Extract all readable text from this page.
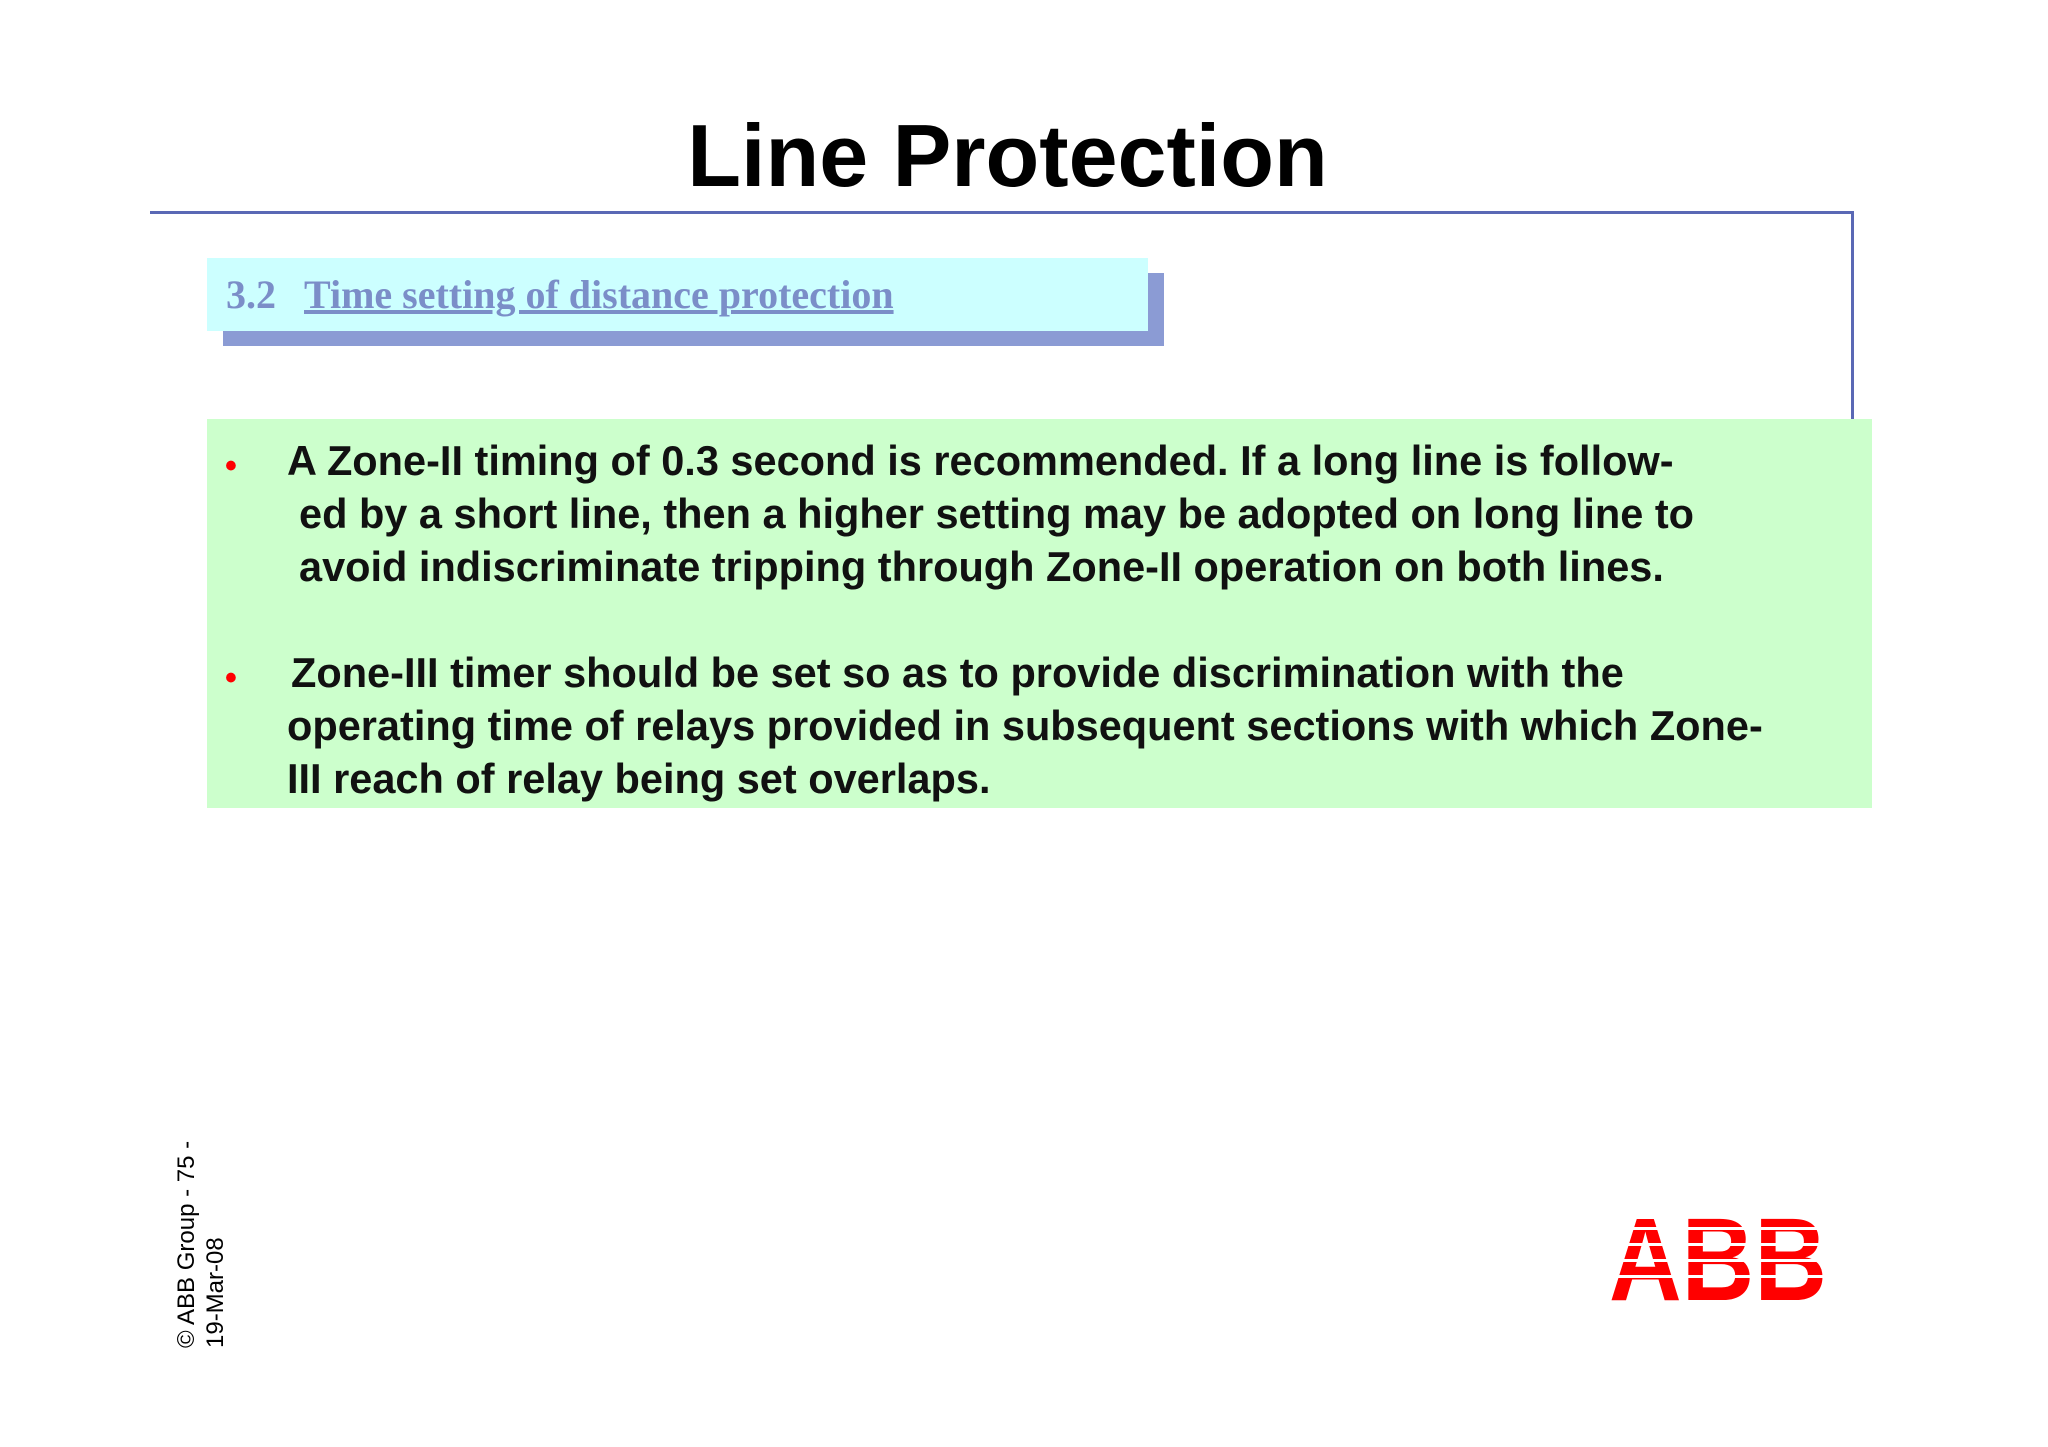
Line Protection
3.2 Time setting of distance protection
• A Zone-II timing of 0.3 second is recommended. If a long line is follow-
ed by a short line, then a higher setting may be adopted on long line to
avoid indiscriminate tripping through Zone-II operation on both lines.
• Zone-III timer should be set so as to provide discrimination with the
operating time of relays provided in subsequent sections with which Zone-
III reach of relay being set overlaps.
© ABB Group - 75 - 19-Mar-08
